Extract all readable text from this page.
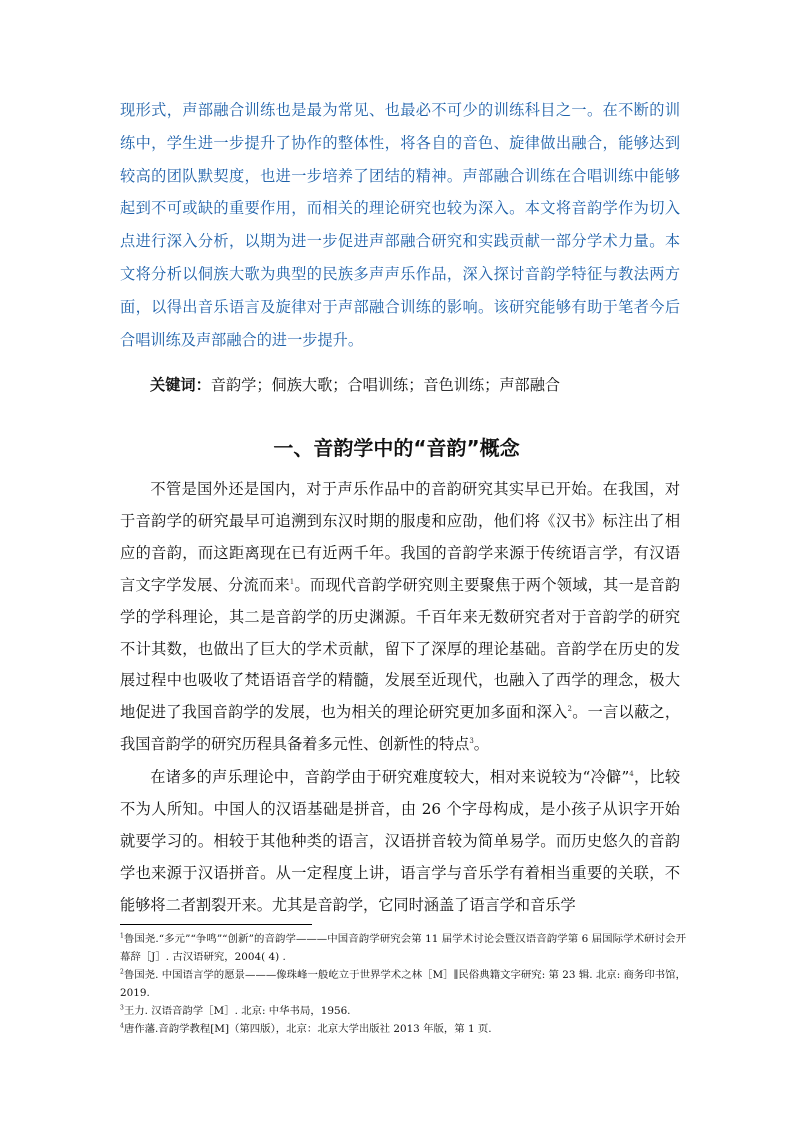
现形式，声部融合训练也是最为常见、也最必不可少的训练科目之一。在不断的训练中，学生进一步提升了协作的整体性，将各自的音色、旋律做出融合，能够达到较高的团队默契度，也进一步培养了团结的精神。声部融合训练在合唱训练中能够起到不可或缺的重要作用，而相关的理论研究也较为深入。本文将音韵学作为切入点进行深入分析，以期为进一步促进声部融合研究和实践贡献一部分学术力量。本文将分析以侗族大歌为典型的民族多声声乐作品，深入探讨音韵学特征与教法两方面，以得出音乐语言及旋律对于声部融合训练的影响。该研究能够有助于笔者今后合唱训练及声部融合的进一步提升。

关键词：音韵学；侗族大歌；合唱训练；音色训练；声部融合

一、音韵学中的“音韵”概念

不管是国外还是国内，对于声乐作品中的音韵研究其实早已开始。在我国，对于音韵学的研究最早可追溯到东汉时期的服虔和应劭，他们将《汉书》标注出了相应的音韵，而这距离现在已有近两千年。我国的音韵学来源于传统语言学，有汉语言文字学发展、分流而来$^1$。而现代音韵学研究则主要聚焦于两个领域，其一是音韵学的学科理论，其二是音韵学的历史渊源。千百年来无数研究者对于音韵学的研究不计其数，也做出了巨大的学术贡献，留下了深厚的理论基础。音韵学在历史的发展过程中也吸收了梵语语音学的精髓，发展至近现代，也融入了西学的理念，极大地促进了我国音韵学的发展，也为相关的理论研究更加多面和深入$^2$。一言以蔽之，我国音韵学的研究历程具备着多元性、创新性的特点$^3$。

在诸多的声乐理论中，音韵学由于研究难度较大，相对来说较为“冷僻”$^4$，比较不为人所知。中国人的汉语基础是拼音，由 26 个字母构成，是小孩子从识字开始就要学习的。相较于其他种类的语言，汉语拼音较为简单易学。而历史悠久的音韵学也来源于汉语拼音。从一定程度上讲，语言学与音乐学有着相当重要的关联，不能够将二者割裂开来。尤其是音韵学，它同时涵盖了语言学和音乐学

$^1$鲁国尧.“多元”“争鸣”“创新”的音韵学———中国音韵学研究会第 11 届学术讨论会暨汉语音韵学第 6 届国际学术研讨会开幕辞［J］. 古汉语研究，2004( 4) .

$^2$鲁国尧. 中国语言学的愿景———像珠峰一般屹立于世界学术之林［M］∥民俗典籍文字研究: 第 23 辑. 北京: 商务印书馆，2019.

$^3$王力. 汉语音韵学［M］. 北京: 中华书局，1956.

$^4$唐作藩.音韵学教程[M]（第四版），北京：北京大学出版社 2013 年版，第 1 页.
